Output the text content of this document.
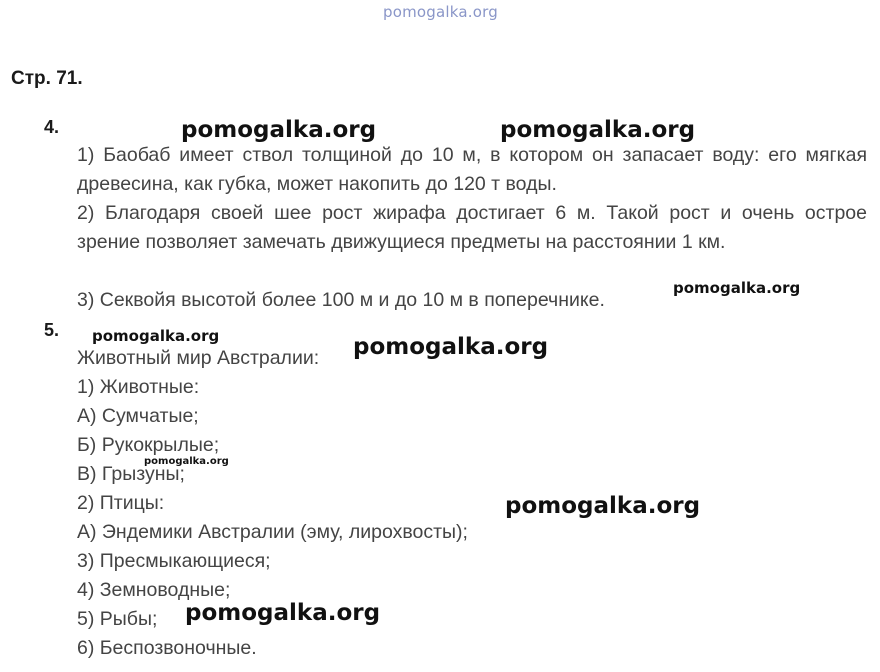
pomogalka.org
Стр. 71.
4.
1) Баобаб имеет ствол толщиной до 10 м, в котором он запасает воду: его мягкая древесина, как губка, может накопить до 120 т воды.
2) Благодаря своей шее рост жирафа достигает 6 м. Такой рост и очень острое зрение позволяет замечать движущиеся предметы на расстоянии 1 км.
3) Секвойя высотой более 100 м и до 10 м в поперечнике.
5.
Животный мир Австралии:
1) Животные:
А) Сумчатые;
Б) Рукокрылые;
В) Грызуны;
2) Птицы:
А) Эндемики Австралии (эму, лирохвосты);
3) Пресмыкающиеся;
4) Земноводные;
5) Рыбы;
6) Беспозвоночные.
pomogalka.org	pomogalka.org
pomogalka.org
pomogalka.org	pomogalka.org
pomogalka.org
pomogalka.org
pomogalka.org
